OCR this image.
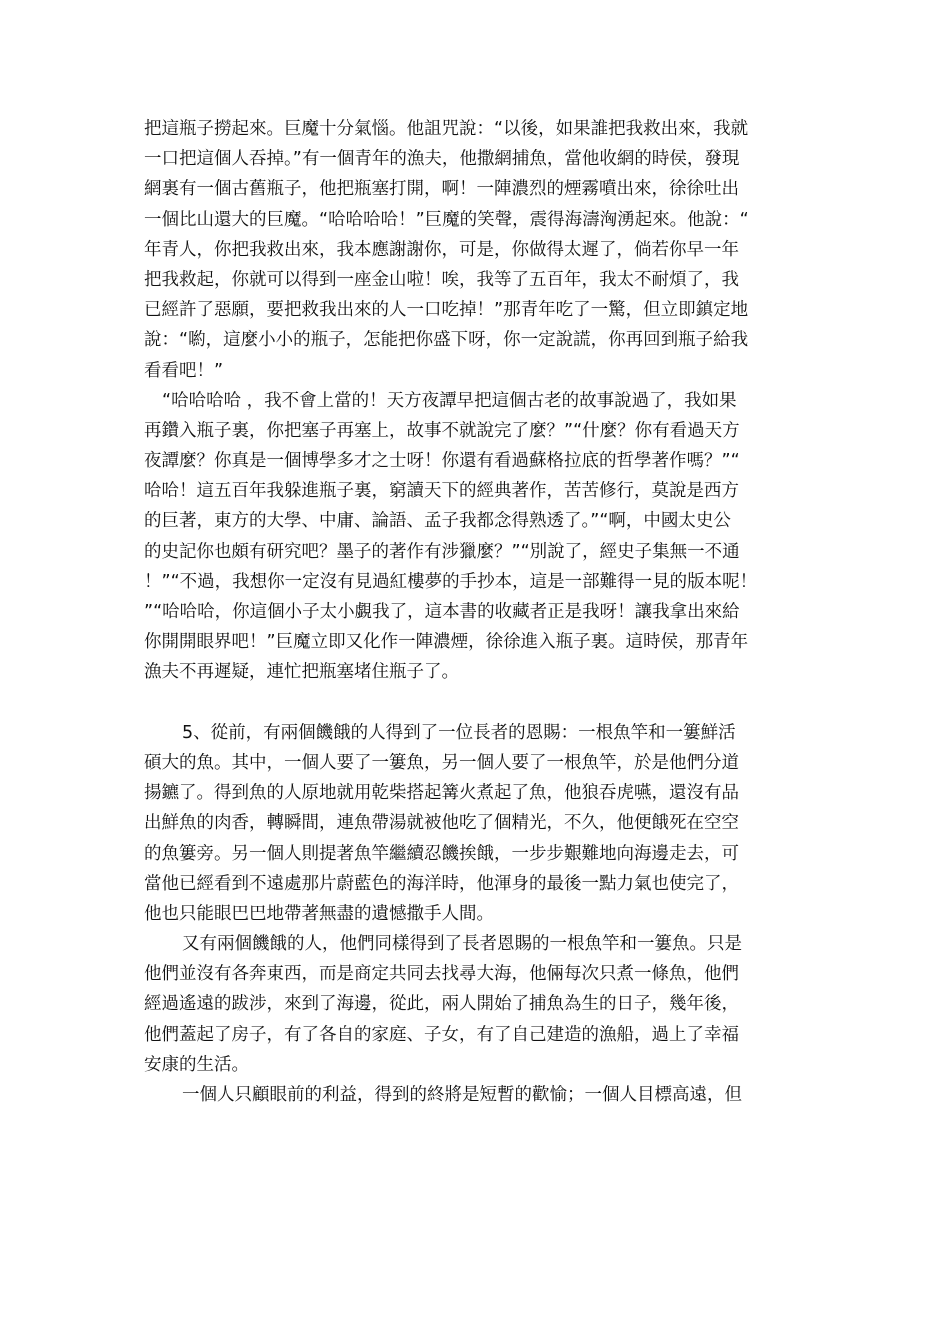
把這瓶子撈起來。巨魔十分氣惱。他詛咒說：“以後，如果誰把我救出來，我就
一口把這個人吞掉。”有一個青年的漁夫，他撒網捕魚，當他收網的時侯，發現
網裏有一個古舊瓶子，他把瓶塞打開，啊！一陣濃烈的煙霧噴出來，徐徐吐出
一個比山還大的巨魔。“哈哈哈哈！”巨魔的笑聲，震得海濤洶湧起來。他說：“
年青人，你把我救出來，我本應謝謝你，可是，你做得太遲了，倘若你早一年
把我救起，你就可以得到一座金山啦！唉，我等了五百年，我太不耐煩了，我
已經許了惡願，要把救我出來的人一口吃掉！”那青年吃了一驚，但立即鎮定地
說：“喲，這麼小小的瓶子，怎能把你盛下呀，你一定說謊，你再回到瓶子給我
看看吧！”
“哈哈哈哈 ，我不會上當的！天方夜譚早把這個古老的故事說過了，我如果
再鑽入瓶子裏，你把塞子再塞上，故事不就說完了麼？”“什麼？你有看過天方
夜譚麼？你真是一個博學多才之士呀！你還有看過蘇格拉底的哲學著作嗎？”“
哈哈！這五百年我躲進瓶子裏，窮讀天下的經典著作，苦苦修行，莫說是西方
的巨著，東方的大學、中庸、論語、孟子我都念得熟透了。”“啊，中國太史公
的史記你也頗有研究吧？墨子的著作有涉獵麼？”“別說了，經史子集無一不通
！”“不過，我想你一定沒有見過紅樓夢的手抄本，這是一部難得一見的版本呢！
”“哈哈哈，你這個小子太小覷我了，這本書的收藏者正是我呀！讓我拿出來給
你開開眼界吧！”巨魔立即又化作一陣濃煙，徐徐進入瓶子裏。這時侯，那青年
漁夫不再遲疑，連忙把瓶塞堵住瓶子了。
5、從前，有兩個饑餓的人得到了一位長者的恩賜：一根魚竿和一簍鮮活
碩大的魚。其中，一個人要了一簍魚，另一個人要了一根魚竿，於是他們分道
揚鑣了。得到魚的人原地就用乾柴搭起篝火煮起了魚，他狼吞虎嚥，還沒有品
出鮮魚的肉香，轉瞬間，連魚帶湯就被他吃了個精光，不久，他便餓死在空空
的魚簍旁。另一個人則提著魚竿繼續忍饑挨餓，一步步艱難地向海邊走去，可
當他已經看到不遠處那片蔚藍色的海洋時，他渾身的最後一點力氣也使完了，
他也只能眼巴巴地帶著無盡的遺憾撒手人間。
又有兩個饑餓的人，他們同樣得到了長者恩賜的一根魚竿和一簍魚。只是
他們並沒有各奔東西，而是商定共同去找尋大海，他倆每次只煮一條魚，他們
經過遙遠的跋涉，來到了海邊，從此，兩人開始了捕魚為生的日子，幾年後，
他們蓋起了房子，有了各自的家庭、子女，有了自己建造的漁船，過上了幸福
安康的生活。
一個人只顧眼前的利益，得到的終將是短暫的歡愉；一個人目標高遠，但
